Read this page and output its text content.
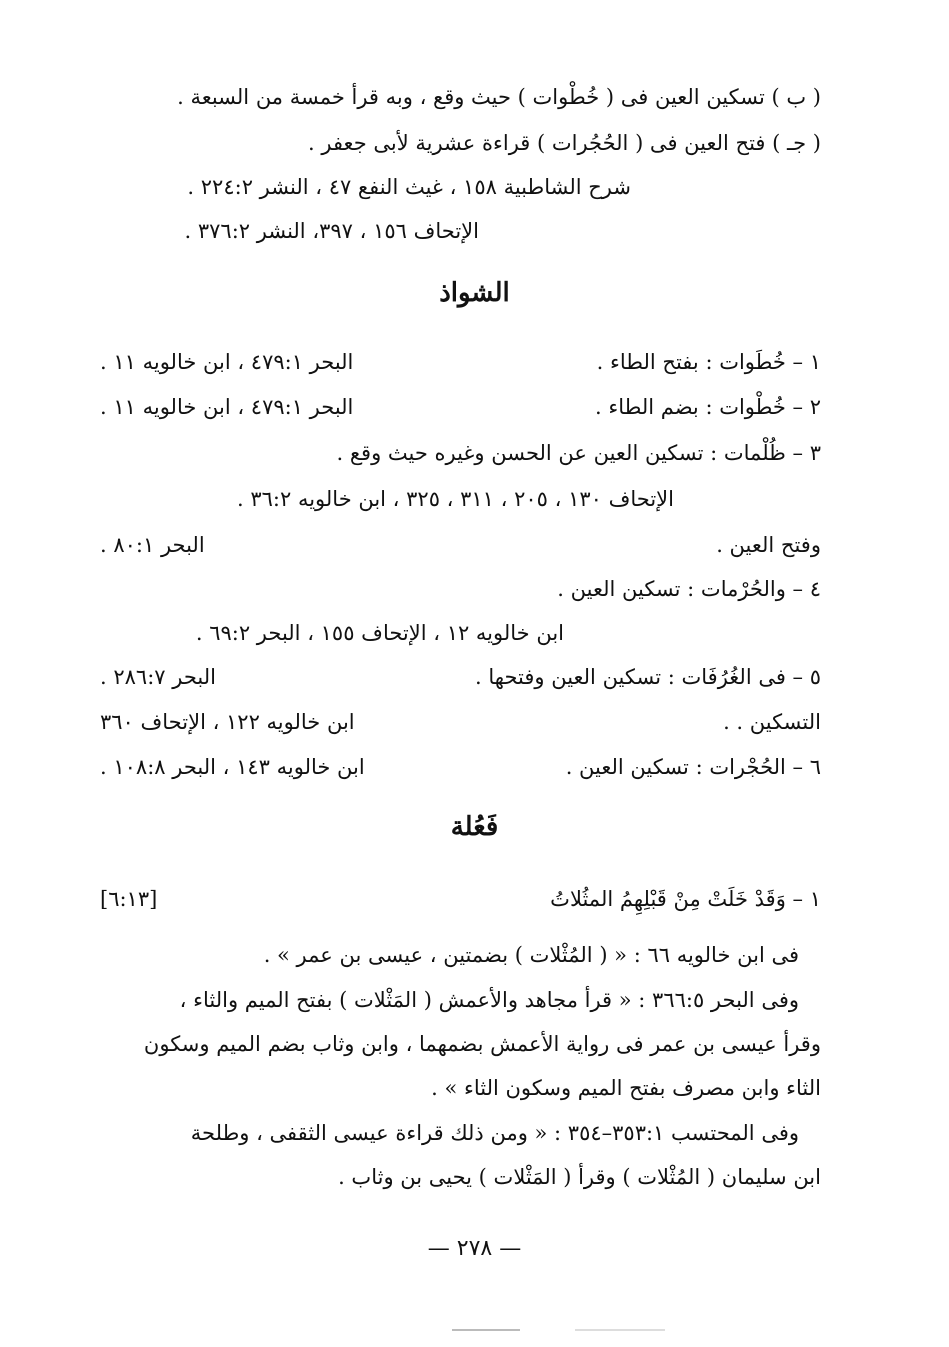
( ب ) تسكين العين فى ( خُطْوات ) حيث وقع ، وبه قرأ خمسة من السبعة .
( جـ ) فتح العين فى ( الحُجُرات ) قراءة عشرية لأبى جعفر .
شرح الشاطبية ١٥٨ ، غيث النفع ٤٧ ، النشر ٢٢٤:٢ .
الإتحاف ١٥٦ ، ٣٩٧، النشر ٣٧٦:٢ .
الشواذ
١ – خُطَوات : بفتح الطاء .
البحر ٤٧٩:١ ، ابن خالويه ١١ .
٢ – خُطْوات : بضم الطاء .
البحر ٤٧٩:١ ، ابن خالويه ١١ .
٣ – ظُلْمات : تسكين العين عن الحسن وغيره حيث وقع .
الإتحاف ١٣٠ ، ٢٠٥ ، ٣١١ ، ٣٢٥ ، ابن خالويه ٣٦:٢ .
وفتح العين .
البحر ٨٠:١ .
٤ – والحُرْمات : تسكين العين .
ابن خالويه ١٢ ، الإتحاف ١٥٥ ، البحر ٦٩:٢ .
٥ – فى الغُرُفَات : تسكين العين وفتحها .
البحر ٢٨٦:٧ .
التسكين . .
ابن خالويه ١٢٢ ، الإتحاف ٣٦٠
٦ – الحُجْرات : تسكين العين .
ابن خالويه ١٤٣ ، البحر ١٠٨:٨ .
فَعُلة
١ – وَقَدْ خَلَتْ مِنْ قَبْلِهِمُ المثُلاتُ
[٦:١٣]
فى ابن خالويه ٦٦ : « ( المُثْلات ) بضمتين ، عيسى بن عمر » .
وفى البحر ٣٦٦:٥ : « قرأ مجاهد والأعمش ( المَثْلات ) بفتح الميم والثاء ،
وقرأ عيسى بن عمر فى رواية الأعمش بضمهما ، وابن وثاب بضم الميم وسكون
الثاء وابن مصرف بفتح الميم وسكون الثاء » .
وفى المحتسب ٣٥٣:١–٣٥٤ : « ومن ذلك قراءة عيسى الثقفى ، وطلحة
ابن سليمان ( المُثْلات ) وقرأ ( المَثْلات ) يحيى بن وثاب .
— ٢٧٨ —
